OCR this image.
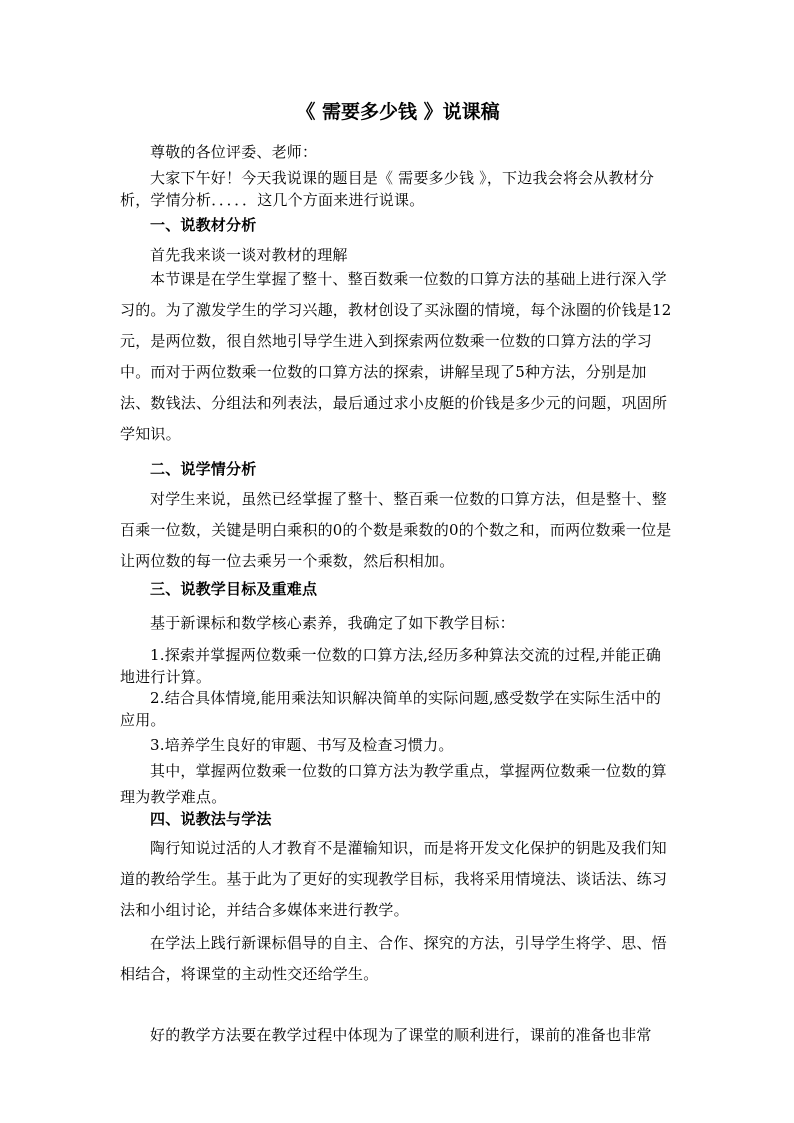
《 需要多少钱 》说课稿
尊敬的各位评委、老师：
大家下午好！今天我说课的题目是《 需要多少钱 》，下边我会将会从教材分析，学情分析．．．．．这几个方面来进行说课。
一、说教材分析
首先我来谈一谈对教材的理解
本节课是在学生掌握了整十、整百数乘一位数的口算方法的基础上进行深入学习的。为了激发学生的学习兴趣，教材创设了买泳圈的情境，每个泳圈的价钱是12元，是两位数，很自然地引导学生进入到探索两位数乘一位数的口算方法的学习中。而对于两位数乘一位数的口算方法的探索，讲解呈现了5种方法，分别是加法、数钱法、分组法和列表法，最后通过求小皮艇的价钱是多少元的问题，巩固所学知识。
二、说学情分析
对学生来说，虽然已经掌握了整十、整百乘一位数的口算方法，但是整十、整百乘一位数，关键是明白乘积的0的个数是乘数的0的个数之和，而两位数乘一位是让两位数的每一位去乘另一个乘数，然后积相加。
三、说教学目标及重难点
基于新课标和数学核心素养，我确定了如下教学目标：
1.探索并掌握两位数乘一位数的口算方法,经历多种算法交流的过程,并能正确地进行计算。
2.结合具体情境,能用乘法知识解决简单的实际问题,感受数学在实际生活中的应用。
3.培养学生良好的审题、书写及检查习惯力。
其中，掌握两位数乘一位数的口算方法为教学重点，掌握两位数乘一位数的算理为教学难点。
四、说教法与学法
陶行知说过活的人才教育不是灌输知识，而是将开发文化保护的钥匙及我们知道的教给学生。基于此为了更好的实现教学目标，我将采用情境法、谈话法、练习法和小组讨论，并结合多媒体来进行教学。
在学法上践行新课标倡导的自主、合作、探究的方法，引导学生将学、思、悟相结合，将课堂的主动性交还给学生。
好的教学方法要在教学过程中体现为了课堂的顺利进行，课前的准备也非常
